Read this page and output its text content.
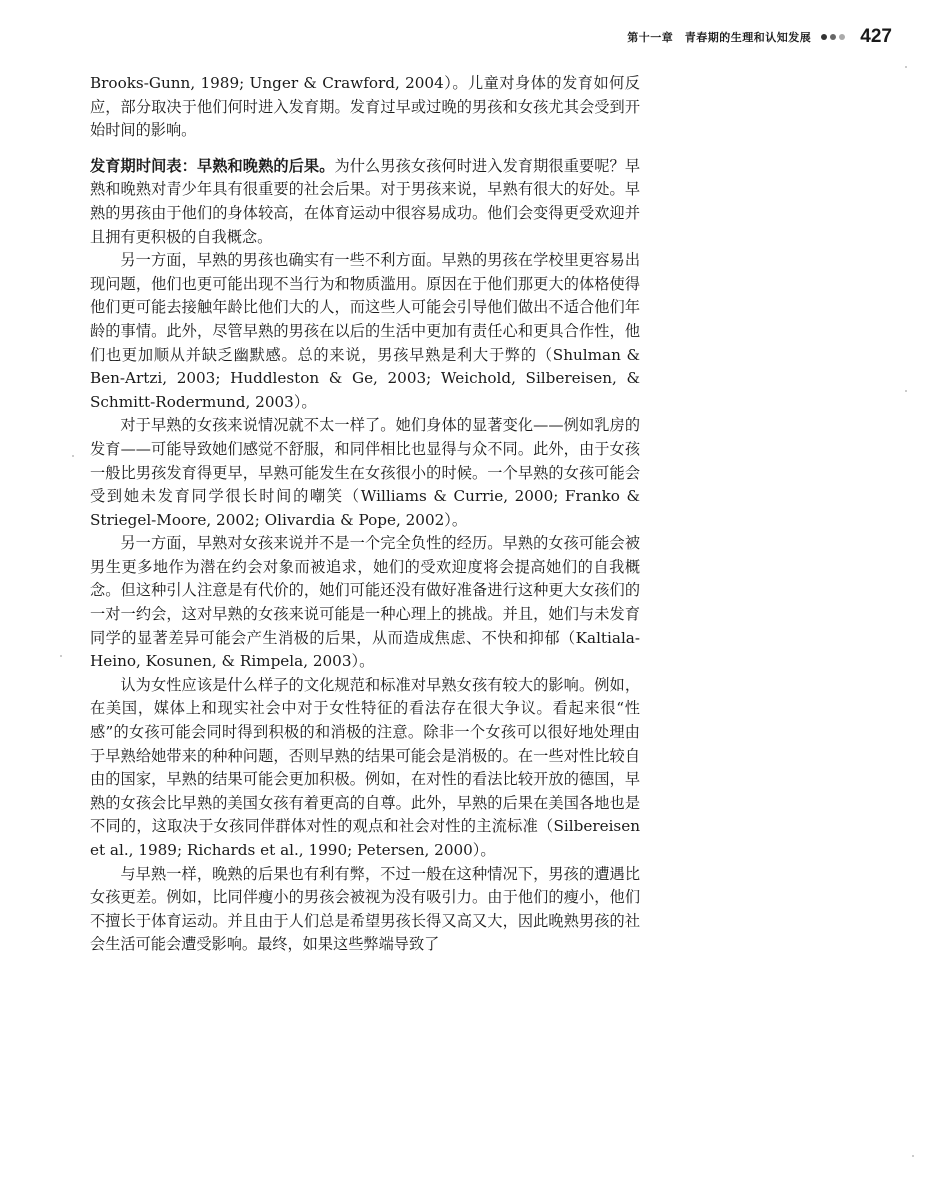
第十一章　青春期的生理和认知发展	427

Brooks-Gunn, 1989; Unger & Crawford, 2004）。儿童对身体的发育如何反应，部分取决于他们何时进入发育期。发育过早或过晚的男孩和女孩尤其会受到开始时间的影响。

发育期时间表：早熟和晚熟的后果。为什么男孩女孩何时进入发育期很重要呢？早熟和晚熟对青少年具有很重要的社会后果。对于男孩来说，早熟有很大的好处。早熟的男孩由于他们的身体较高，在体育运动中很容易成功。他们会变得更受欢迎并且拥有更积极的自我概念。

另一方面，早熟的男孩也确实有一些不利方面。早熟的男孩在学校里更容易出现问题，他们也更可能出现不当行为和物质滥用。原因在于他们那更大的体格使得他们更可能去接触年龄比他们大的人，而这些人可能会引导他们做出不适合他们年龄的事情。此外，尽管早熟的男孩在以后的生活中更加有责任心和更具合作性，他们也更加顺从并缺乏幽默感。总的来说，男孩早熟是利大于弊的（Shulman & Ben-Artzi, 2003; Huddleston & Ge, 2003; Weichold, Silbereisen, & Schmitt-Rodermund, 2003）。

对于早熟的女孩来说情况就不太一样了。她们身体的显著变化——例如乳房的发育——可能导致她们感觉不舒服，和同伴相比也显得与众不同。此外，由于女孩一般比男孩发育得更早，早熟可能发生在女孩很小的时候。一个早熟的女孩可能会受到她未发育同学很长时间的嘲笑（Williams & Currie, 2000; Franko & Striegel-Moore, 2002; Olivardia & Pope, 2002）。

另一方面，早熟对女孩来说并不是一个完全负性的经历。早熟的女孩可能会被男生更多地作为潜在约会对象而被追求，她们的受欢迎度将会提高她们的自我概念。但这种引人注意是有代价的，她们可能还没有做好准备进行这种更大女孩们的一对一约会，这对早熟的女孩来说可能是一种心理上的挑战。并且，她们与未发育同学的显著差异可能会产生消极的后果，从而造成焦虑、不快和抑郁（Kaltiala-Heino, Kosunen, & Rimpela, 2003）。

认为女性应该是什么样子的文化规范和标准对早熟女孩有较大的影响。例如，在美国，媒体上和现实社会中对于女性特征的看法存在很大争议。看起来很“性感”的女孩可能会同时得到积极的和消极的注意。除非一个女孩可以很好地处理由于早熟给她带来的种种问题，否则早熟的结果可能会是消极的。在一些对性比较自由的国家，早熟的结果可能会更加积极。例如，在对性的看法比较开放的德国，早熟的女孩会比早熟的美国女孩有着更高的自尊。此外，早熟的后果在美国各地也是不同的，这取决于女孩同伴群体对性的观点和社会对性的主流标准（Silbereisen et al., 1989; Richards et al., 1990; Petersen, 2000）。

与早熟一样，晚熟的后果也有利有弊，不过一般在这种情况下，男孩的遭遇比女孩更差。例如，比同伴瘦小的男孩会被视为没有吸引力。由于他们的瘦小，他们不擅长于体育运动。并且由于人们总是希望男孩长得又高又大，因此晚熟男孩的社会生活可能会遭受影响。最终，如果这些弊端导致了
